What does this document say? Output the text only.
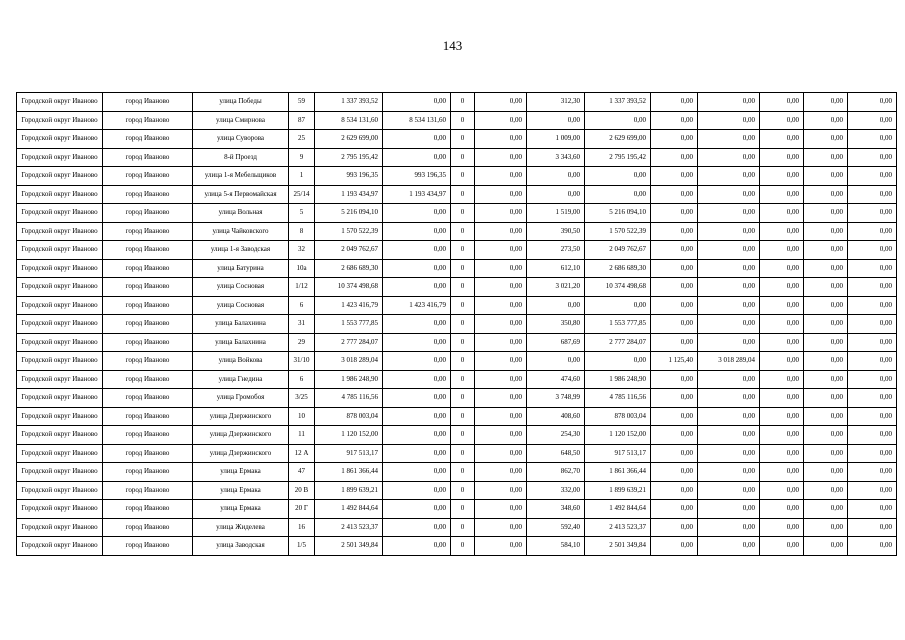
143
Городской округ Иваново	город Иваново	улица Победы	59	1 337 393,52	0,00	0	0,00	312,30	1 337 393,52	0,00	0,00	0,00	0,00	0,00
Городской округ Иваново	город Иваново	улица Смирнова	87	8 534 131,60	8 534 131,60	0	0,00	0,00	0,00	0,00	0,00	0,00	0,00	0,00
Городской округ Иваново	город Иваново	улица Суворова	25	2 629 699,00	0,00	0	0,00	1 009,00	2 629 699,00	0,00	0,00	0,00	0,00	0,00
Городской округ Иваново	город Иваново	8-й Проезд	9	2 795 195,42	0,00	0	0,00	3 343,60	2 795 195,42	0,00	0,00	0,00	0,00	0,00
Городской округ Иваново	город Иваново	улица 1-я Мебельщиков	1	993 196,35	993 196,35	0	0,00	0,00	0,00	0,00	0,00	0,00	0,00	0,00
Городской округ Иваново	город Иваново	улица 5-я Первомайская	25/14	1 193 434,97	1 193 434,97	0	0,00	0,00	0,00	0,00	0,00	0,00	0,00	0,00
Городской округ Иваново	город Иваново	улица Вольная	5	5 216 094,10	0,00	0	0,00	1 519,00	5 216 094,10	0,00	0,00	0,00	0,00	0,00
Городской округ Иваново	город Иваново	улица Чайковского	8	1 570 522,39	0,00	0	0,00	390,50	1 570 522,39	0,00	0,00	0,00	0,00	0,00
Городской округ Иваново	город Иваново	улица 1-я Заводская	32	2 049 762,67	0,00	0	0,00	273,50	2 049 762,67	0,00	0,00	0,00	0,00	0,00
Городской округ Иваново	город Иваново	улица Батурина	10а	2 686 689,30	0,00	0	0,00	612,10	2 686 689,30	0,00	0,00	0,00	0,00	0,00
Городской округ Иваново	город Иваново	улица Сосновая	1/12	10 374 498,68	0,00	0	0,00	3 021,20	10 374 498,68	0,00	0,00	0,00	0,00	0,00
Городской округ Иваново	город Иваново	улица Сосновая	6	1 423 416,79	1 423 416,79	0	0,00	0,00	0,00	0,00	0,00	0,00	0,00	0,00
Городской округ Иваново	город Иваново	улица Балахнина	31	1 553 777,85	0,00	0	0,00	350,80	1 553 777,85	0,00	0,00	0,00	0,00	0,00
Городской округ Иваново	город Иваново	улица Балахнина	29	2 777 284,07	0,00	0	0,00	687,69	2 777 284,07	0,00	0,00	0,00	0,00	0,00
Городской округ Иваново	город Иваново	улица Войкова	31/10	3 018 289,04	0,00	0	0,00	0,00	0,00	1 125,40	3 018 289,04	0,00	0,00	0,00
Городской округ Иваново	город Иваново	улица Гнедина	6	1 986 248,90	0,00	0	0,00	474,60	1 986 248,90	0,00	0,00	0,00	0,00	0,00
Городской округ Иваново	город Иваново	улица Громобоя	3/25	4 785 116,56	0,00	0	0,00	3 748,99	4 785 116,56	0,00	0,00	0,00	0,00	0,00
Городской округ Иваново	город Иваново	улица Дзержинского	10	878 003,04	0,00	0	0,00	408,60	878 003,04	0,00	0,00	0,00	0,00	0,00
Городской округ Иваново	город Иваново	улица Дзержинского	11	1 120 152,00	0,00	0	0,00	254,30	1 120 152,00	0,00	0,00	0,00	0,00	0,00
Городской округ Иваново	город Иваново	улица Дзержинского	12 А	917 513,17	0,00	0	0,00	648,50	917 513,17	0,00	0,00	0,00	0,00	0,00
Городской округ Иваново	город Иваново	улица Ермака	47	1 861 366,44	0,00	0	0,00	862,70	1 861 366,44	0,00	0,00	0,00	0,00	0,00
Городской округ Иваново	город Иваново	улица Ермака	20 В	1 899 639,21	0,00	0	0,00	332,00	1 899 639,21	0,00	0,00	0,00	0,00	0,00
Городской округ Иваново	город Иваново	улица Ермака	20 Г	1 492 844,64	0,00	0	0,00	348,60	1 492 844,64	0,00	0,00	0,00	0,00	0,00
Городской округ Иваново	город Иваново	улица Жиделева	16	2 413 523,37	0,00	0	0,00	592,40	2 413 523,37	0,00	0,00	0,00	0,00	0,00
Городской округ Иваново	город Иваново	улица Заводская	1/5	2 501 349,84	0,00	0	0,00	584,10	2 501 349,84	0,00	0,00	0,00	0,00	0,00
